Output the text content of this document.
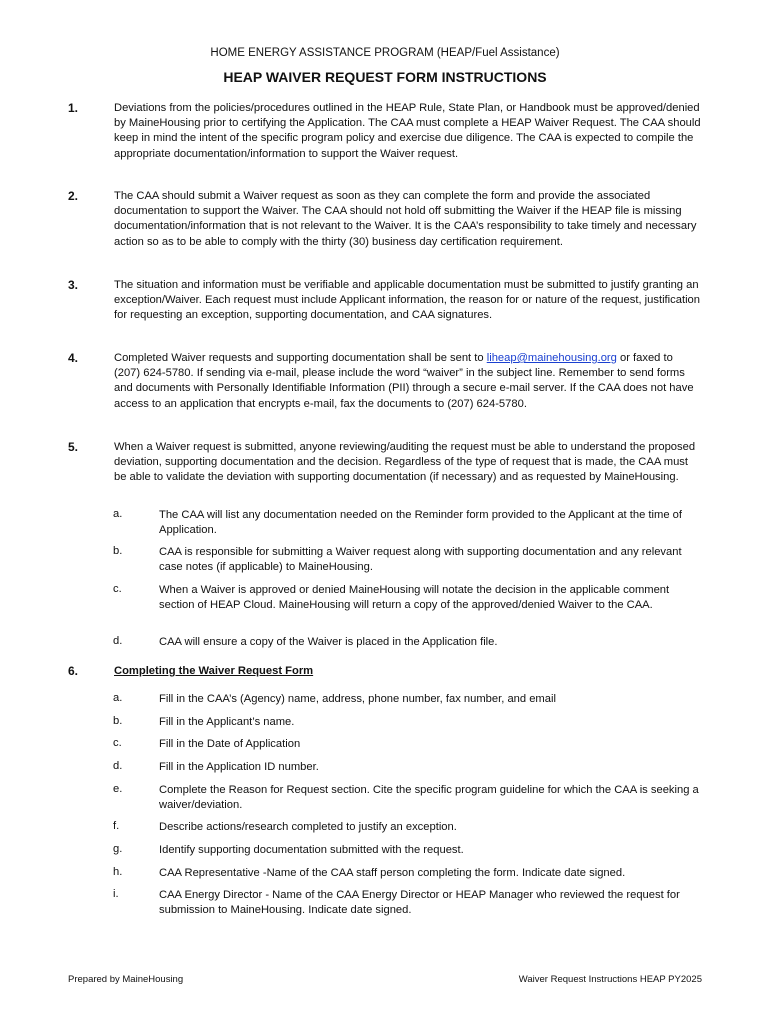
HOME ENERGY ASSISTANCE PROGRAM (HEAP/Fuel Assistance)
HEAP WAIVER REQUEST FORM INSTRUCTIONS
1.	Deviations from the policies/procedures outlined in the HEAP Rule, State Plan, or Handbook must be approved/denied by MaineHousing prior to certifying the Application. The CAA must complete a HEAP Waiver Request. The CAA should keep in mind the intent of the specific program policy and exercise due diligence. The CAA is expected to compile the appropriate documentation/information to support the Waiver request.
2.	The CAA should submit a Waiver request as soon as they can complete the form and provide the associated documentation to support the Waiver. The CAA should not hold off submitting the Waiver if the HEAP file is missing documentation/information that is not relevant to the Waiver. It is the CAA’s responsibility to take timely and necessary action so as to be able to comply with the thirty (30) business day certification requirement.
3.	The situation and information must be verifiable and applicable documentation must be submitted to justify granting an exception/Waiver. Each request must include Applicant information, the reason for or nature of the request, justification for requesting an exception, supporting documentation, and CAA signatures.
4.	Completed Waiver requests and supporting documentation shall be sent to liheap@mainehousing.org or faxed to (207) 624-5780. If sending via e-mail, please include the word “waiver” in the subject line. Remember to send forms and documents with Personally Identifiable Information (PII) through a secure e-mail server. If the CAA does not have access to an application that encrypts e-mail, fax the documents to (207) 624-5780.
5.	When a Waiver request is submitted, anyone reviewing/auditing the request must be able to understand the proposed deviation, supporting documentation and the decision. Regardless of the type of request that is made, the CAA must be able to validate the deviation with supporting documentation (if necessary) and as requested by MaineHousing.
a.	The CAA will list any documentation needed on the Reminder form provided to the Applicant at the time of Application.
b.	CAA is responsible for submitting a Waiver request along with supporting documentation and any relevant case notes (if applicable) to MaineHousing.
c.	When a Waiver is approved or denied MaineHousing will notate the decision in the applicable comment section of HEAP Cloud. MaineHousing will return a copy of the approved/denied Waiver to the CAA.
d.	CAA will ensure a copy of the Waiver is placed in the Application file.
6.	Completing the Waiver Request Form
a.	Fill in the CAA’s (Agency) name, address, phone number, fax number, and email
b.	Fill in the Applicant’s name.
c.	Fill in the Date of Application
d.	Fill in the Application ID number.
e.	Complete the Reason for Request section. Cite the specific program guideline for which the CAA is seeking a waiver/deviation.
f.	Describe actions/research completed to justify an exception.
g.	Identify supporting documentation submitted with the request.
h.	CAA Representative -Name of the CAA staff person completing the form. Indicate date signed.
i.	CAA Energy Director - Name of the CAA Energy Director or HEAP Manager who reviewed the request for submission to MaineHousing. Indicate date signed.
Prepared by MaineHousing	Waiver Request Instructions HEAP PY2025
